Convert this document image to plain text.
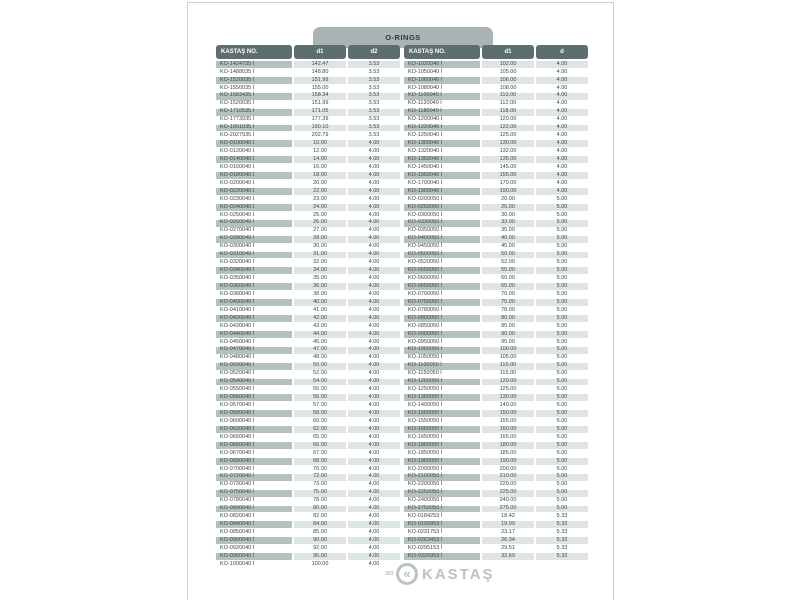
O-RINGS
KASTAŞ NO.	d1	d2
KO-1424735 İ	142.47	3.53
KO-1488035 İ	148.80	3.53
KO-1520035 İ	151.99	3.53
KO-1550035 İ	155.00	3.53
KO-1583435 İ	158.34	3.53
KO-1520035 İ	151.99	3.53
KO-1710535 İ	171.05	3.53
KO-1773935 İ	177.39	3.53
KO-1901035 İ	190.10	3.53
KO-2027935 İ	202.79	3.53
KO-0100040 İ	10.00	4.00
KO-0120040 İ	12.00	4.00
KO-0140040 İ	14.00	4.00
KO-0160040 İ	16.00	4.00
KO-0180040 İ	18.00	4.00
KO-0200040 İ	20.00	4.00
KO-0220040 İ	22.00	4.00
KO-0230040 İ	23.00	4.00
KO-0240040 İ	24.00	4.00
KO-0250040 İ	25.00	4.00
KO-0260040 İ	26.00	4.00
KO-0270040 İ	27.00	4.00
KO-0280040 İ	28.00	4.00
KO-0300040 İ	30.00	4.00
KO-0310040 İ	31.00	4.00
KO-0320040 İ	32.00	4.00
KO-0340040 İ	34.00	4.00
KO-0350040 İ	35.00	4.00
KO-0360040 İ	36.00	4.00
KO-0380040 İ	38.00	4.00
KO-0400040 İ	40.00	4.00
KO-0410040 İ	41.00	4.00
KO-0420040 İ	42.00	4.00
KO-0430040 İ	43.00	4.00
KO-0440040 İ	44.00	4.00
KO-0450040 İ	45.00	4.00
KO-0470040 İ	47.00	4.00
KO-0480040 İ	48.00	4.00
KO-0500040 İ	50.00	4.00
KO-0520040 İ	52.00	4.00
KO-0540040 İ	54.00	4.00
KO-0550040 İ	55.00	4.00
KO-0560040 İ	56.00	4.00
KO-0570040 İ	57.00	4.00
KO-0580040 İ	58.00	4.00
KO-0600040 İ	60.00	4.00
KO-0620040 İ	62.00	4.00
KO-0650040 İ	65.00	4.00
KO-0660040 İ	66.00	4.00
KO-0670040 İ	67.00	4.00
KO-0680040 İ	68.00	4.00
KO-0700040 İ	70.00	4.00
KO-0720040 İ	72.00	4.00
KO-0730040 İ	73.00	4.00
KO-0750040 İ	75.00	4.00
KO-0780040 İ	78.00	4.00
KO-0800040 İ	80.00	4.00
KO-0820040 İ	82.00	4.00
KO-0840040 İ	84.00	4.00
KO-0850040 İ	85.00	4.00
KO-0900040 İ	90.00	4.00
KO-0920040 İ	92.00	4.00
KO-0950040 İ	95.00	4.00
KO-1000040 İ	100.00	4.00
KASTAŞ NO.	d1	d
KO-1020040 İ	102.00	4.00
KO-1050040 İ	105.00	4.00
KO-1060040 İ	106.00	4.00
KO-1080040 İ	108.00	4.00
KO-1100040 İ	110.00	4.00
KO-1120040 İ	112.00	4.00
KO-1180040 İ	118.00	4.00
KO-1200040 İ	120.00	4.00
KO-1220040 İ	122.00	4.00
KO-1250040 İ	125.00	4.00
KO-1300040 İ	130.00	4.00
KO-1320040 İ	132.00	4.00
KO-1350040 İ	135.00	4.00
KO-1450040 İ	145.00	4.00
KO-1550040 İ	155.00	4.00
KO-1700040 İ	170.00	4.00
KO-1900040 İ	190.00	4.00
KO-0200050 İ	20.00	5.00
KO-0250050 İ	25.00	5.00
KO-0300050 İ	30.00	5.00
KO-0330050 İ	33.00	5.00
KO-0350050 İ	35.00	5.00
KO-0400050 İ	40.00	5.00
KO-0450050 İ	45.00	5.00
KO-0500050 İ	50.00	5.00
KO-0520050 İ	52.00	5.00
KO-0550050 İ	55.00	5.00
KO-0600050 İ	60.00	5.00
KO-0650050 İ	65.00	5.00
KO-0700050 İ	70.00	5.00
KO-0750050 İ	75.00	5.00
KO-0780050 İ	78.00	5.00
KO-0800050 İ	80.00	5.00
KO-0850050 İ	85.00	5.00
KO-0900050 İ	90.00	5.00
KO-0950050 İ	95.00	5.00
KO-1000050 İ	100.00	5.00
KO-1050050 İ	105.00	5.00
KO-1100050 İ	110.00	5.00
KO-1150050 İ	115.00	5.00
KO-1200050 İ	120.00	5.00
KO-1250050 İ	125.00	5.00
KO-1300050 İ	130.00	5.00
KO-1400050 İ	140.00	5.00
KO-1500050 İ	150.00	5.00
KO-1550050 İ	155.00	5.00
KO-1600050 İ	160.00	5.00
KO-1650050 İ	165.00	5.00
KO-1800050 İ	180.00	5.00
KO-1850050 İ	185.00	5.00
KO-1900050 İ	190.00	5.00
KO-2000050 İ	200.00	5.00
KO-2100050 İ	210.00	5.00
KO-2200050 İ	220.00	5.00
KO-2250050 İ	225.00	5.00
KO-2400050 İ	240.00	5.00
KO-2750050 İ	275.00	5.00
KO-0184253 İ	18.42	5.33
KO-0199953 İ	19.99	5.33
KO-0231753 İ	23.17	5.33
KO-0263453 İ	26.34	5.33
KO-0295153 İ	29.51	5.33
KO-0326953 İ	32.69	5.33
303 « KASTAŞ
